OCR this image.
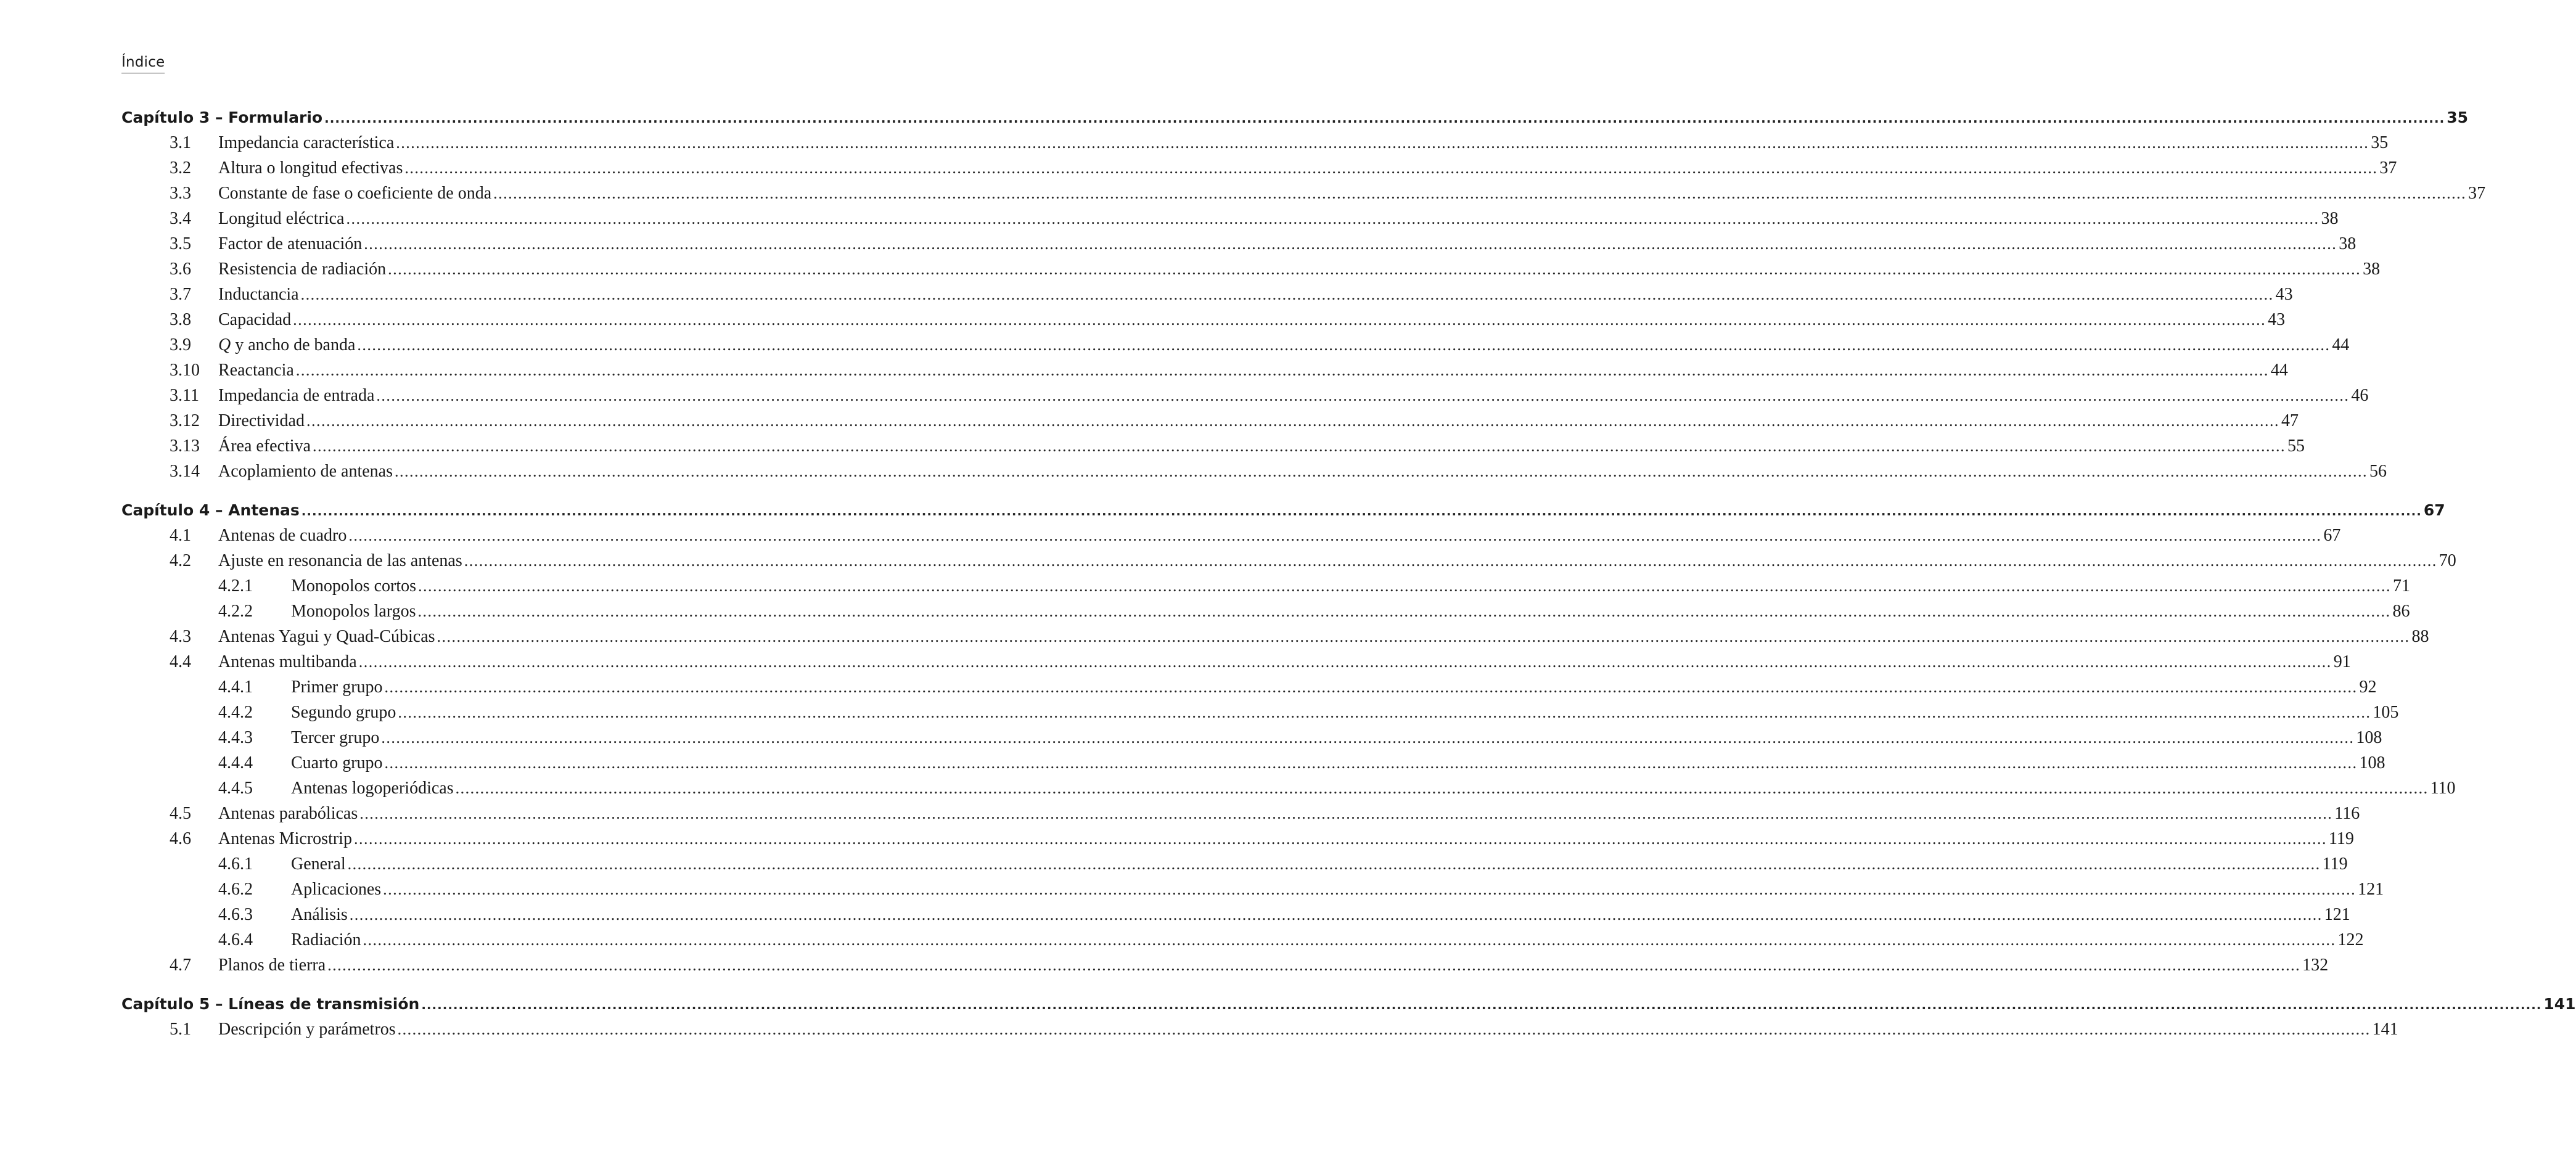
Índice
Capítulo 3 – Formulario ................................................................................................................................................................................................................................................................................................................................................................................................................ 35
3.1 Impedancia característica ................................................................................................................................................................................................................................................................................................................................................................................................................ 35
3.2 Altura o longitud efectivas ................................................................................................................................................................................................................................................................................................................................................................................................................ 37
3.3 Constante de fase o coeficiente de onda ................................................................................................................................................................................................................................................................................................................................................................................................................ 37
3.4 Longitud eléctrica ................................................................................................................................................................................................................................................................................................................................................................................................................ 38
3.5 Factor de atenuación ................................................................................................................................................................................................................................................................................................................................................................................................................ 38
3.6 Resistencia de radiación ................................................................................................................................................................................................................................................................................................................................................................................................................ 38
3.7 Inductancia ................................................................................................................................................................................................................................................................................................................................................................................................................ 43
3.8 Capacidad ................................................................................................................................................................................................................................................................................................................................................................................................................ 43
3.9 Q y ancho de banda ................................................................................................................................................................................................................................................................................................................................................................................................................ 44
3.10 Reactancia ................................................................................................................................................................................................................................................................................................................................................................................................................ 44
3.11 Impedancia de entrada ................................................................................................................................................................................................................................................................................................................................................................................................................ 46
3.12 Directividad ................................................................................................................................................................................................................................................................................................................................................................................................................ 47
3.13 Área efectiva ................................................................................................................................................................................................................................................................................................................................................................................................................ 55
3.14 Acoplamiento de antenas ................................................................................................................................................................................................................................................................................................................................................................................................................ 56
Capítulo 4 – Antenas ................................................................................................................................................................................................................................................................................................................................................................................................................ 67
4.1 Antenas de cuadro ................................................................................................................................................................................................................................................................................................................................................................................................................ 67
4.2 Ajuste en resonancia de las antenas ................................................................................................................................................................................................................................................................................................................................................................................................................ 70
4.2.1 Monopolos cortos ................................................................................................................................................................................................................................................................................................................................................................................................................ 71
4.2.2 Monopolos largos ................................................................................................................................................................................................................................................................................................................................................................................................................ 86
4.3 Antenas Yagui y Quad-Cúbicas ................................................................................................................................................................................................................................................................................................................................................................................................................ 88
4.4 Antenas multibanda ................................................................................................................................................................................................................................................................................................................................................................................................................ 91
4.4.1 Primer grupo ................................................................................................................................................................................................................................................................................................................................................................................................................ 92
4.4.2 Segundo grupo ................................................................................................................................................................................................................................................................................................................................................................................................................ 105
4.4.3 Tercer grupo ................................................................................................................................................................................................................................................................................................................................................................................................................ 108
4.4.4 Cuarto grupo ................................................................................................................................................................................................................................................................................................................................................................................................................ 108
4.4.5 Antenas logoperiódicas ................................................................................................................................................................................................................................................................................................................................................................................................................ 110
4.5 Antenas parabólicas ................................................................................................................................................................................................................................................................................................................................................................................................................ 116
4.6 Antenas Microstrip ................................................................................................................................................................................................................................................................................................................................................................................................................ 119
4.6.1 General ................................................................................................................................................................................................................................................................................................................................................................................................................ 119
4.6.2 Aplicaciones ................................................................................................................................................................................................................................................................................................................................................................................................................ 121
4.6.3 Análisis ................................................................................................................................................................................................................................................................................................................................................................................................................ 121
4.6.4 Radiación ................................................................................................................................................................................................................................................................................................................................................................................................................ 122
4.7 Planos de tierra ................................................................................................................................................................................................................................................................................................................................................................................................................ 132
Capítulo 5 – Líneas de transmisión ................................................................................................................................................................................................................................................................................................................................................................................................................ 141
5.1 Descripción y parámetros ................................................................................................................................................................................................................................................................................................................................................................................................................ 141
